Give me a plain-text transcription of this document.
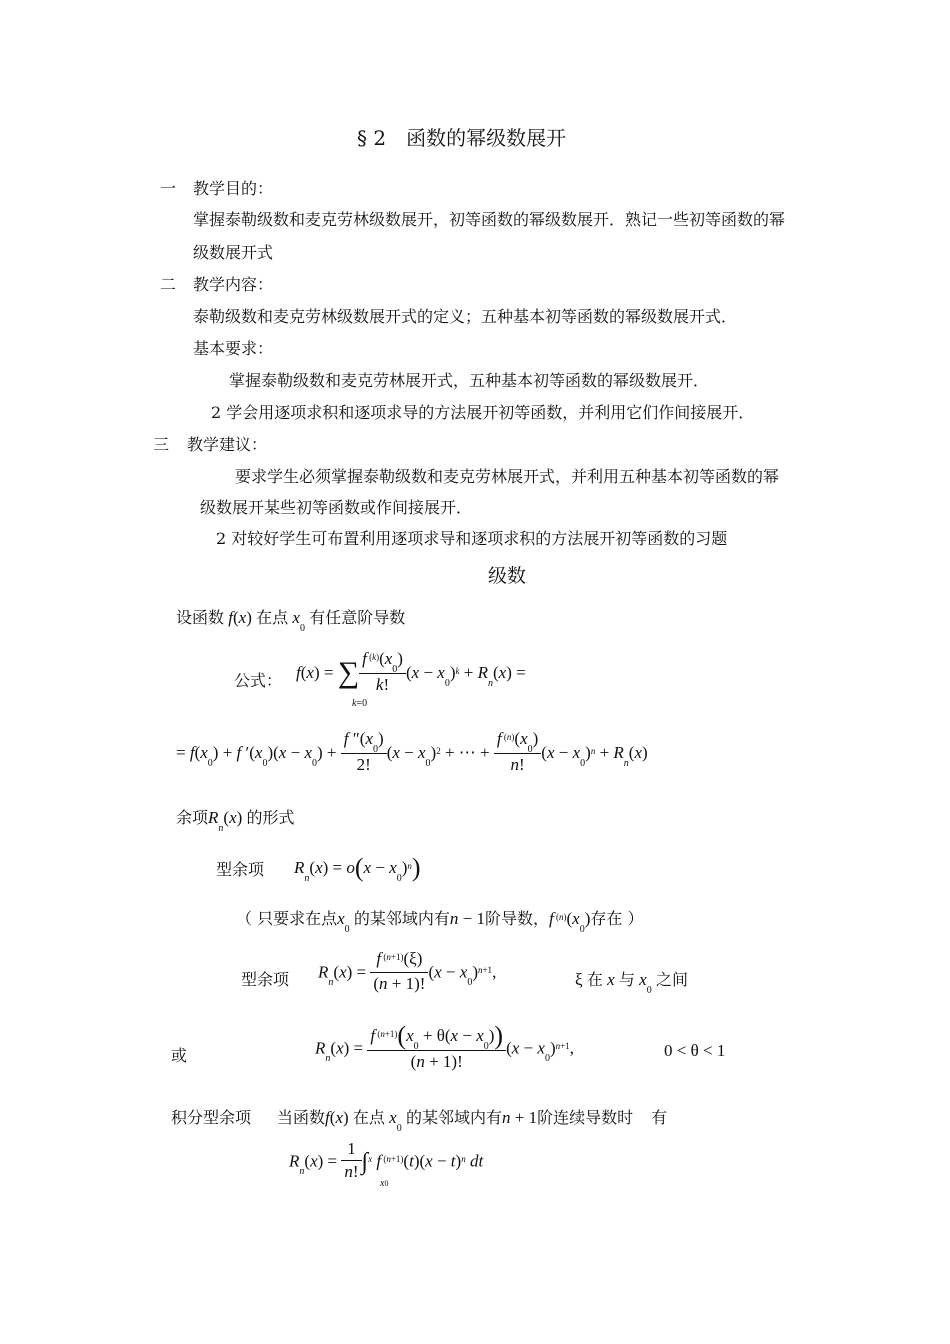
§ 2　函数的幂级数展开
一 教学目的：
掌握泰勒级数和麦克劳林级数展开，初等函数的幂级数展开．熟记一些初等函数的幂
级数展开式
二 教学内容：
泰勒级数和麦克劳林级数展开式的定义；五种基本初等函数的幂级数展开式．
基本要求：
掌握泰勒级数和麦克劳林展开式，五种基本初等函数的幂级数展开．
2 学会用逐项求积和逐项求导的方法展开初等函数，并利用它们作间接展开．
三 教学建议：
要求学生必须掌握泰勒级数和麦克劳林展开式，并利用五种基本初等函数的幂
级数展开某些初等函数或作间接展开．
2 对较好学生可布置利用逐项求导和逐项求积的方法展开初等函数的习题
级数
设函数 f(x) 在点 $x_0$ 有任意阶导数
公式： f(x) = ∑ $\frac{f ^{(k)}(x_0)}{k!} (x - x_0)^k + R_n(x)$ =
k=0
= $f(x_0) + f$ $'(x_0)(x - x_0) + \frac{f ''(x_0)}{2!} (x - x_0)^2$ + ⋯ + $\frac{f ^{(n)}(x_0)}{n!} (x - x_0)^n + R_n(x)$
余项$R_n(x)$ 的形式
型余项 $R_n(x) = o(x - x_0)^n$)
（ 只要求在点$x_0$ 的某邻域内有n − 1阶导数，f $^{(n)}(x_0)$存在 ）
型余项 $R_n(x) = \frac{f ^{(n+1)}(\xi)}{(n + 1)!} (x - x_0)^{n+1}$,	ξ 在 x 与 $x_0$ 之间
或	$R_n(x) = \frac{f ^{(n+1)}(x_0 + \theta(x - x_0))}{(n + 1)!} (x - x_0)^{n+1}$,	0 < θ < 1
积分型余项 当函数f(x) 在点 $x_0$ 的某邻域内有n + 1阶连续导数时 有
$R_n(x) = \frac{1}{n!} \int^x$ f $^{(n+1)}(t)(x - t)^n$ dt
x0
